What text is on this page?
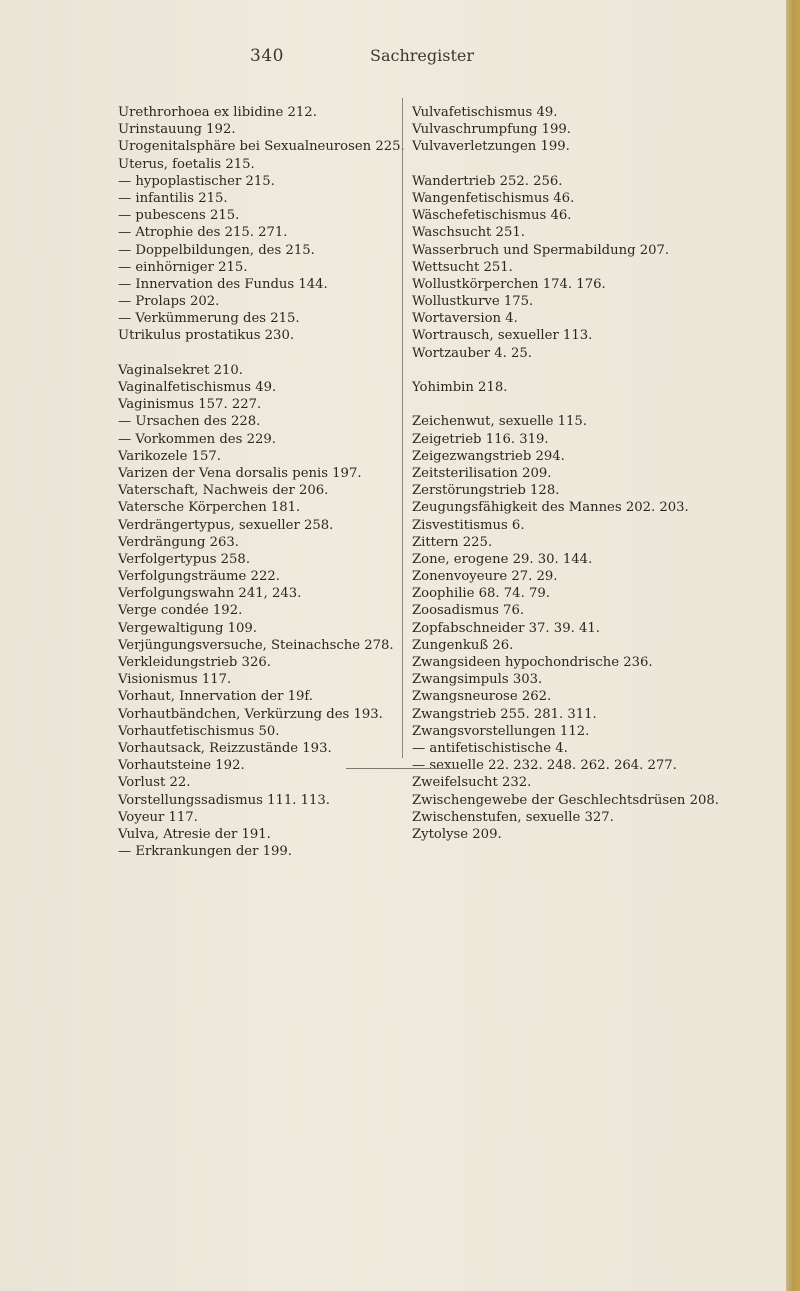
340	Sachregister
Urethrorhoea ex libidine 212.
Urinstauung 192.
Urogenitalsphäre bei Sexualneurosen 225.
Uterus, foetalis 215.
— hypoplastischer 215.
— infantilis 215.
— pubescens 215.
— Atrophie des 215. 271.
— Doppelbildungen, des 215.
— einhörniger 215.
— Innervation des Fundus 144.
— Prolaps 202.
— Verkümmerung des 215.
Utrikulus prostatikus 230.
Vaginalsekret 210.
Vaginalfetischismus 49.
Vaginismus 157. 227.
— Ursachen des 228.
— Vorkommen des 229.
Varikozele 157.
Varizen der Vena dorsalis penis 197.
Vaterschaft, Nachweis der 206.
Vatersche Körperchen 181.
Verdrängertypus, sexueller 258.
Verdrängung 263.
Verfolgertypus 258.
Verfolgungsträume 222.
Verfolgungswahn 241, 243.
Verge condée 192.
Vergewaltigung 109.
Verjüngungsversuche, Steinachsche 278.
Verkleidungstrieb 326.
Visionismus 117.
Vorhaut, Innervation der 19f.
Vorhautbändchen, Verkürzung des 193.
Vorhautfetischismus 50.
Vorhautsack, Reizzustände 193.
Vorhautsteine 192.
Vorlust 22.
Vorstellungssadismus 111. 113.
Voyeur 117.
Vulva, Atresie der 191.
— Erkrankungen der 199.
Vulvafetischismus 49.
Vulvaschrumpfung 199.
Vulvaverletzungen 199.
Wandertrieb 252. 256.
Wangenfetischismus 46.
Wäschefetischismus 46.
Waschsucht 251.
Wasserbruch und Spermabildung 207.
Wettsucht 251.
Wollustkörperchen 174. 176.
Wollustkurve 175.
Wortaversion 4.
Wortrausch, sexueller 113.
Wortzauber 4. 25.
Yohimbin 218.
Zeichenwut, sexuelle 115.
Zeigetrieb 116. 319.
Zeigezwangstrieb 294.
Zeitsterilisation 209.
Zerstörungstrieb 128.
Zeugungsfähigkeit des Mannes 202. 203.
Zisvestitismus 6.
Zittern 225.
Zone, erogene 29. 30. 144.
Zonenvoyeure 27. 29.
Zoophilie 68. 74. 79.
Zoosadismus 76.
Zopfabschneider 37. 39. 41.
Zungenkuß 26.
Zwangsideen hypochondrische 236.
Zwangsimpuls 303.
Zwangsneurose 262.
Zwangstrieb 255. 281. 311.
Zwangsvorstellungen 112.
— antifetischistische 4.
— sexuelle 22. 232. 248. 262. 264. 277.
Zweifelsucht 232.
Zwischengewebe der Geschlechtsdrüsen 208.
Zwischenstufen, sexuelle 327.
Zytolyse 209.
